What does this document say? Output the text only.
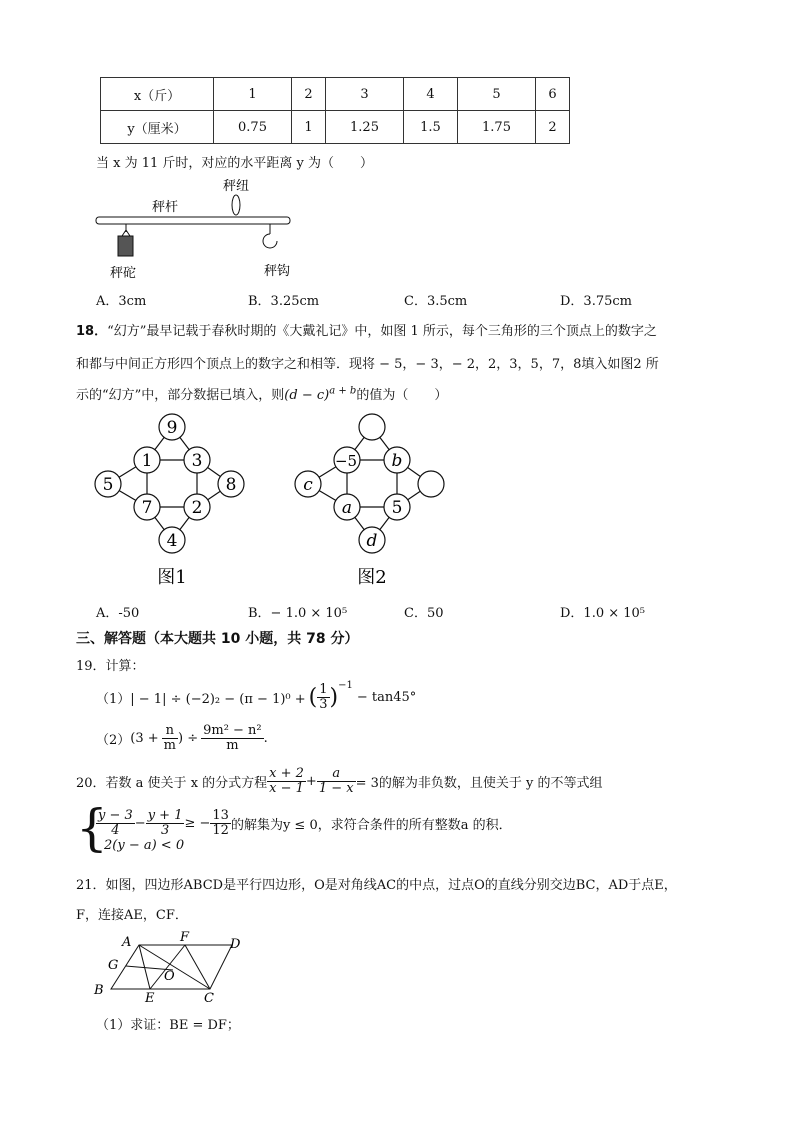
x（斤）	1	2	3	4	5	6
y（厘米）	0.75	1	1.25	1.5	1.75	2
当 x 为 11 斤时，对应的水平距离 y 为（　　）
秤纽
秤杆
秤砣	秤钩
A．3cm	B．3.25cm	C．3.5cm	D．3.75cm
18．“幻方”最早记载于春秋时期的《大戴礼记》中，如图 1 所示，每个三角形的三个顶点上的数字之
和都与中间正方形四个顶点上的数字之和相等．现将 − 5，− 3，− 2，2，3，5，7，8填入如图2 所
示的“幻方”中，部分数据已填入，则$(d - c)^{a + b}$的值为（　　）
9
1 3
5	8
7 2
4
图1
−5 b
c
a 5
d
图2
A．-50	B．− 1.0 × 10⁵	C．50	D．1.0 × 10⁵
三、解答题（本大题共 10 小题，共 78 分）
19．计算：
（1）| − 1| ÷ (−2)₂ − (π − 1)⁰ + ( $\frac{1}{3} )^{-1}$
− tan45°
（2） ($3 + \frac{n}{m}$ ) ÷ $\frac{\text{9m² − n²}}{m}$ .
20．若数 a 使关于 x 的分式方程 $\frac{x + 2}{x - 1} + \frac{a}{1 - x} = 3$的解为非负数，且使关于 y 的不等式组
{
$\frac{y - 3}{4} - \frac{y + 1}{3}$ ≥ − $\frac{13}{12}$ 的解集为y ≤ 0，求符合条件的所有整数a 的积．
2(y − a) < 0
21．如图，四边形ABCD是平行四边形，O是对角线AC的中点，过点O的直线分别交边BC，AD于点E，
F，连接AE，CF．
A	F	D
G
O
B
E	C
（1）求证：BE = DF；
